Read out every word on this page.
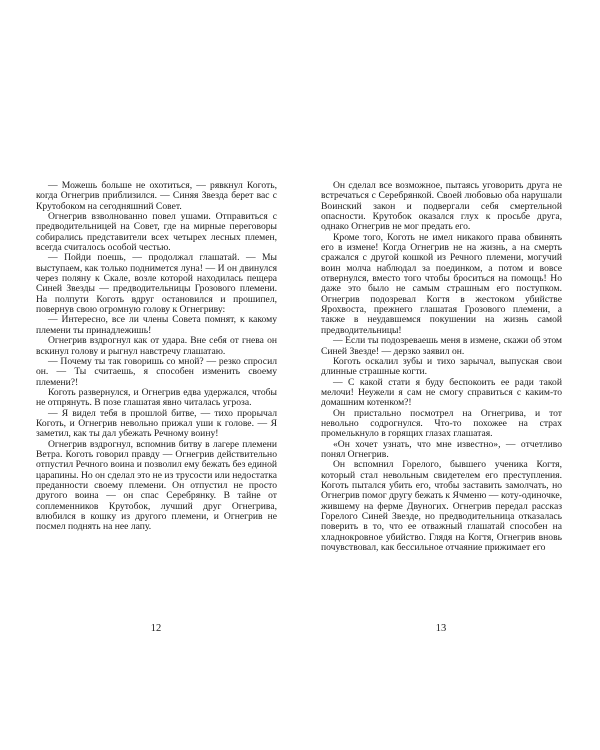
— Можешь больше не охотиться, — рявкнул Коготь, когда Огнегрив приблизился. — Синяя Звезда берет вас с Крутобоком на сегодняшний Совет.

Огнегрив взволнованно повел ушами. Отправиться с предводительницей на Совет, где на мирные переговоры собирались представители всех четырех лесных племен, всегда считалось особой честью.

— Пойди поешь, — продолжал глашатай. — Мы выступаем, как только поднимется луна! — И он двинулся через поляну к Скале, возле которой находилась пещера Синей Звезды — предводительницы Грозового племени. На полпути Коготь вдруг остановился и прошипел, повернув свою огромную голову к Огнегриву:

— Интересно, все ли члены Совета помнят, к какому племени ты принадлежишь!

Огнегрив вздрогнул как от удара. Вне себя от гнева он вскинул голову и рыгнул навстречу глашатаю.

— Почему ты так говоришь со мной? — резко спросил он. — Ты считаешь, я способен изменить своему племени?!

Коготь развернулся, и Огнегрив едва удержался, чтобы не отпрянуть. В позе глашатая явно читалась угроза.

— Я видел тебя в прошлой битве, — тихо прорычал Коготь, и Огнегрив невольно прижал уши к голове. — Я заметил, как ты дал убежать Речному воину!

Огнегрив вздрогнул, вспомнив битву в лагере племени Ветра. Коготь говорил правду — Огнегрив действительно отпустил Речного воина и позволил ему бежать без единой царапины. Но он сделал это не из трусости или недостатка преданности своему племени. Он отпустил не просто другого воина — он спас Серебрянку. В тайне от соплеменников Крутобок, лучший друг Огнегрива, влюбился в кошку из другого племени, и Огнегрив не посмел поднять на нее лапу.

12

Он сделал все возможное, пытаясь уговорить друга не встречаться с Серебрянкой. Своей любовью оба нарушали Воинский закон и подвергали себя смертельной опасности. Крутобок оказался глух к просьбе друга, однако Огнегрив не мог предать его.

Кроме того, Коготь не имел никакого права обвинять его в измене! Когда Огнегрив не на жизнь, а на смерть сражался с другой кошкой из Речного племени, могучий воин молча наблюдал за поединком, а потом и вовсе отвернулся, вместо того чтобы броситься на помощь! Но даже это было не самым страшным его поступком. Огнегрив подозревал Когтя в жестоком убийстве Ярохвоста, прежнего глашатая Грозового племени, а также в неудавшемся покушении на жизнь самой предводительницы!

— Если ты подозреваешь меня в измене, скажи об этом Синей Звезде! — дерзко заявил он.

Коготь оскалил зубы и тихо зарычал, выпуская свои длинные страшные когти.

— С какой стати я буду беспокоить ее ради такой мелочи! Неужели я сам не смогу справиться с каким-то домашним котенком?!

Он пристально посмотрел на Огнегрива, и тот невольно содрогнулся. Что-то похожее на страх промелькнуло в горящих глазах глашатая.

«Он хочет узнать, что мне известно», — отчетливо понял Огнегрив.

Он вспомнил Горелого, бывшего ученика Когтя, который стал невольным свидетелем его преступления. Коготь пытался убить его, чтобы заставить замолчать, но Огнегрив помог другу бежать к Ячменю — коту-одиночке, жившему на ферме Двуногих. Огнегрив передал рассказ Горелого Синей Звезде, но предводительница отказалась поверить в то, что ее отважный глашатай способен на хладнокровное убийство. Глядя на Когтя, Огнегрив вновь почувствовал, как бессильное отчаяние прижимает его

13
